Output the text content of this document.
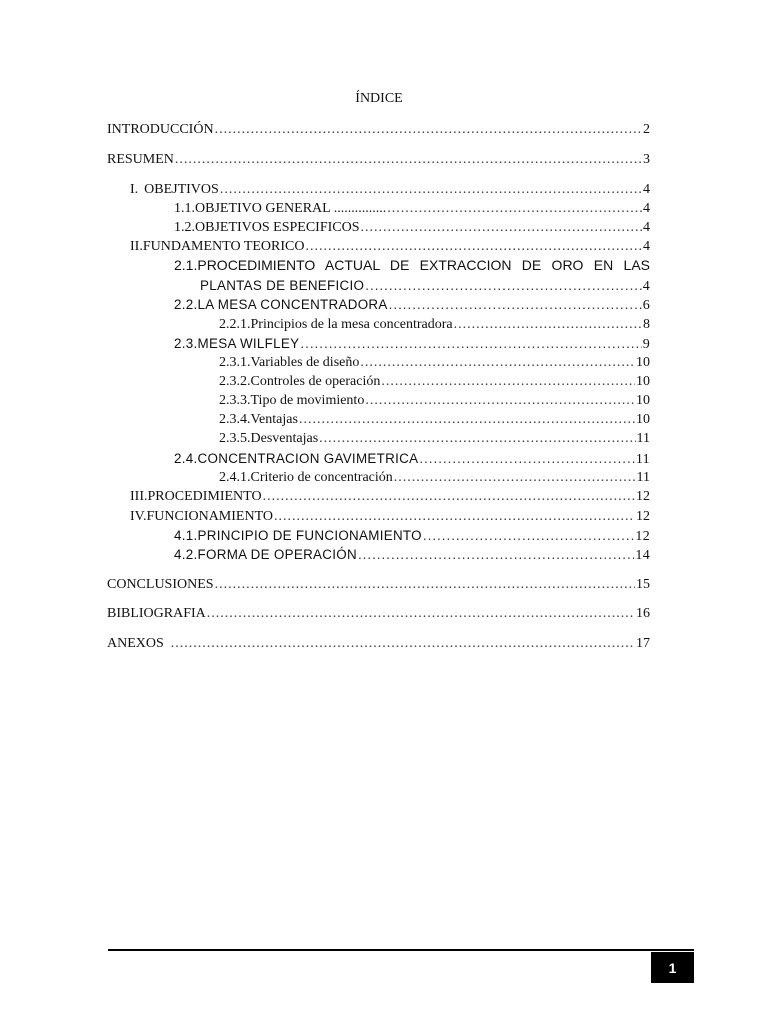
ÍNDICE
INTRODUCCIÓN .....	2
RESUMEN .....	3
I. OBEJTIVOS .....	4
1.1.OBJETIVO GENERAL ............... .....	4
1.2.OBJETIVOS ESPECIFICOS .....	4
II. FUNDAMENTO TEORICO .....	4
2.1.PROCEDIMIENTO ACTUAL DE EXTRACCION DE ORO EN LAS
PLANTAS DE BENEFICIO .....	4
2.2.LA MESA CONCENTRADORA .....	6
2.2.1. Principios de la mesa concentradora .....	8
2.3.MESA WILFLEY .....	9
2.3.1. Variables de diseño .....	10
2.3.2. Controles de operación .....	10
2.3.3. Tipo de movimiento .....	10
2.3.4. Ventajas .....	10
2.3.5. Desventajas .....	11
2.4.CONCENTRACION GAVIMETRICA .....	11
2.4.1. Criterio de concentración .....	11
III. PROCEDIMIENTO .....	12
IV. FUNCIONAMIENTO .....	12
4.1.PRINCIPIO DE FUNCIONAMIENTO .....	12
4.2.FORMA DE OPERACIÓN .....	14
CONCLUSIONES .....	15
BIBLIOGRAFIA .....	16
ANEXOS .....	17
1
